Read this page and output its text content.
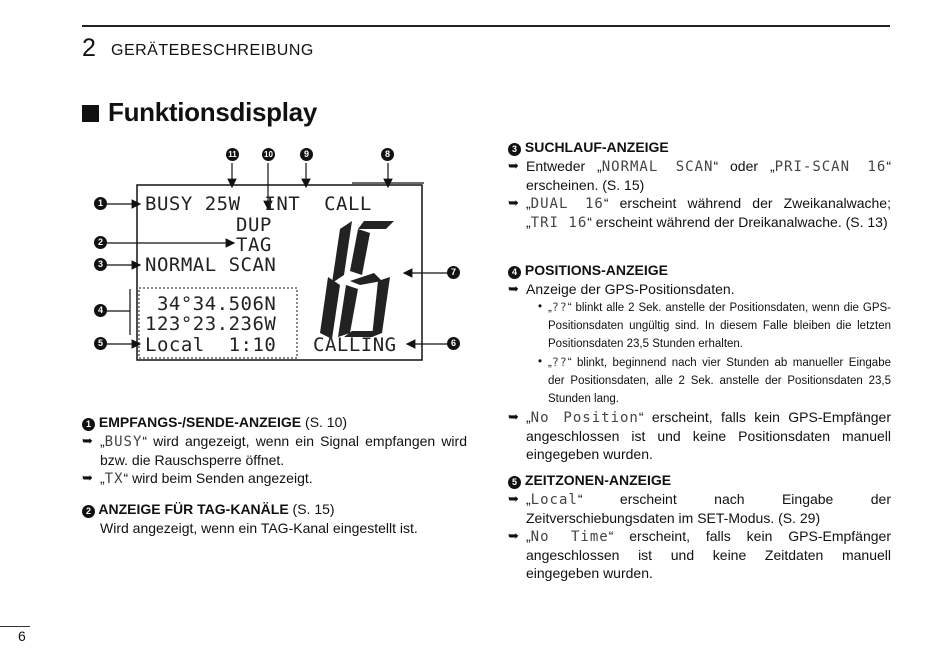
2 GERÄTEBESCHREIBUNG
Funktionsdisplay
BUSY 25W  INT  CALL
DUP
TAG
NORMAL SCAN
34°34.506N
123°23.236W
Local  1:10 CALLING
1
2
3
4
5	6
7
8
9
10
11
1 EMPFANGS-/SENDE-ANZEIGE (S. 10)
➥ „BUSY“ wird angezeigt, wenn ein Signal empfangen wird bzw. die Rauschsperre öffnet.
➥ „TX“ wird beim Senden angezeigt.
2 ANZEIGE FÜR TAG-KANÄLE (S. 15)
Wird angezeigt, wenn ein TAG-Kanal eingestellt ist.
3 SUCHLAUF-ANZEIGE
➥ Entweder „NORMAL SCAN“ oder „PRI-SCAN 16“ erscheinen. (S. 15)
➥ „DUAL 16“ erscheint während der Zweikanalwache; „TRI 16“ erscheint während der Dreikanalwache. (S. 13)
4 POSITIONS-ANZEIGE
➥ Anzeige der GPS-Positionsdaten.
• „??“ blinkt alle 2 Sek. anstelle der Positionsdaten, wenn die GPS-Positionsdaten ungültig sind. In diesem Falle bleiben die letzten Positionsdaten 23,5 Stunden erhalten.
• „??“ blinkt, beginnend nach vier Stunden ab manueller Eingabe der Positionsdaten, alle 2 Sek. anstelle der Positionsdaten 23,5 Stunden lang.
➥ „No Position“ erscheint, falls kein GPS-Empfänger angeschlossen ist und keine Positionsdaten manuell eingegeben wurden.
5 ZEITZONEN-ANZEIGE
➥ „Local“ erscheint nach Eingabe der Zeitverschiebungsdaten im SET-Modus. (S. 29)
➥ „No Time“ erscheint, falls kein GPS-Empfänger angeschlossen ist und keine Zeitdaten manuell eingegeben wurden.
6
